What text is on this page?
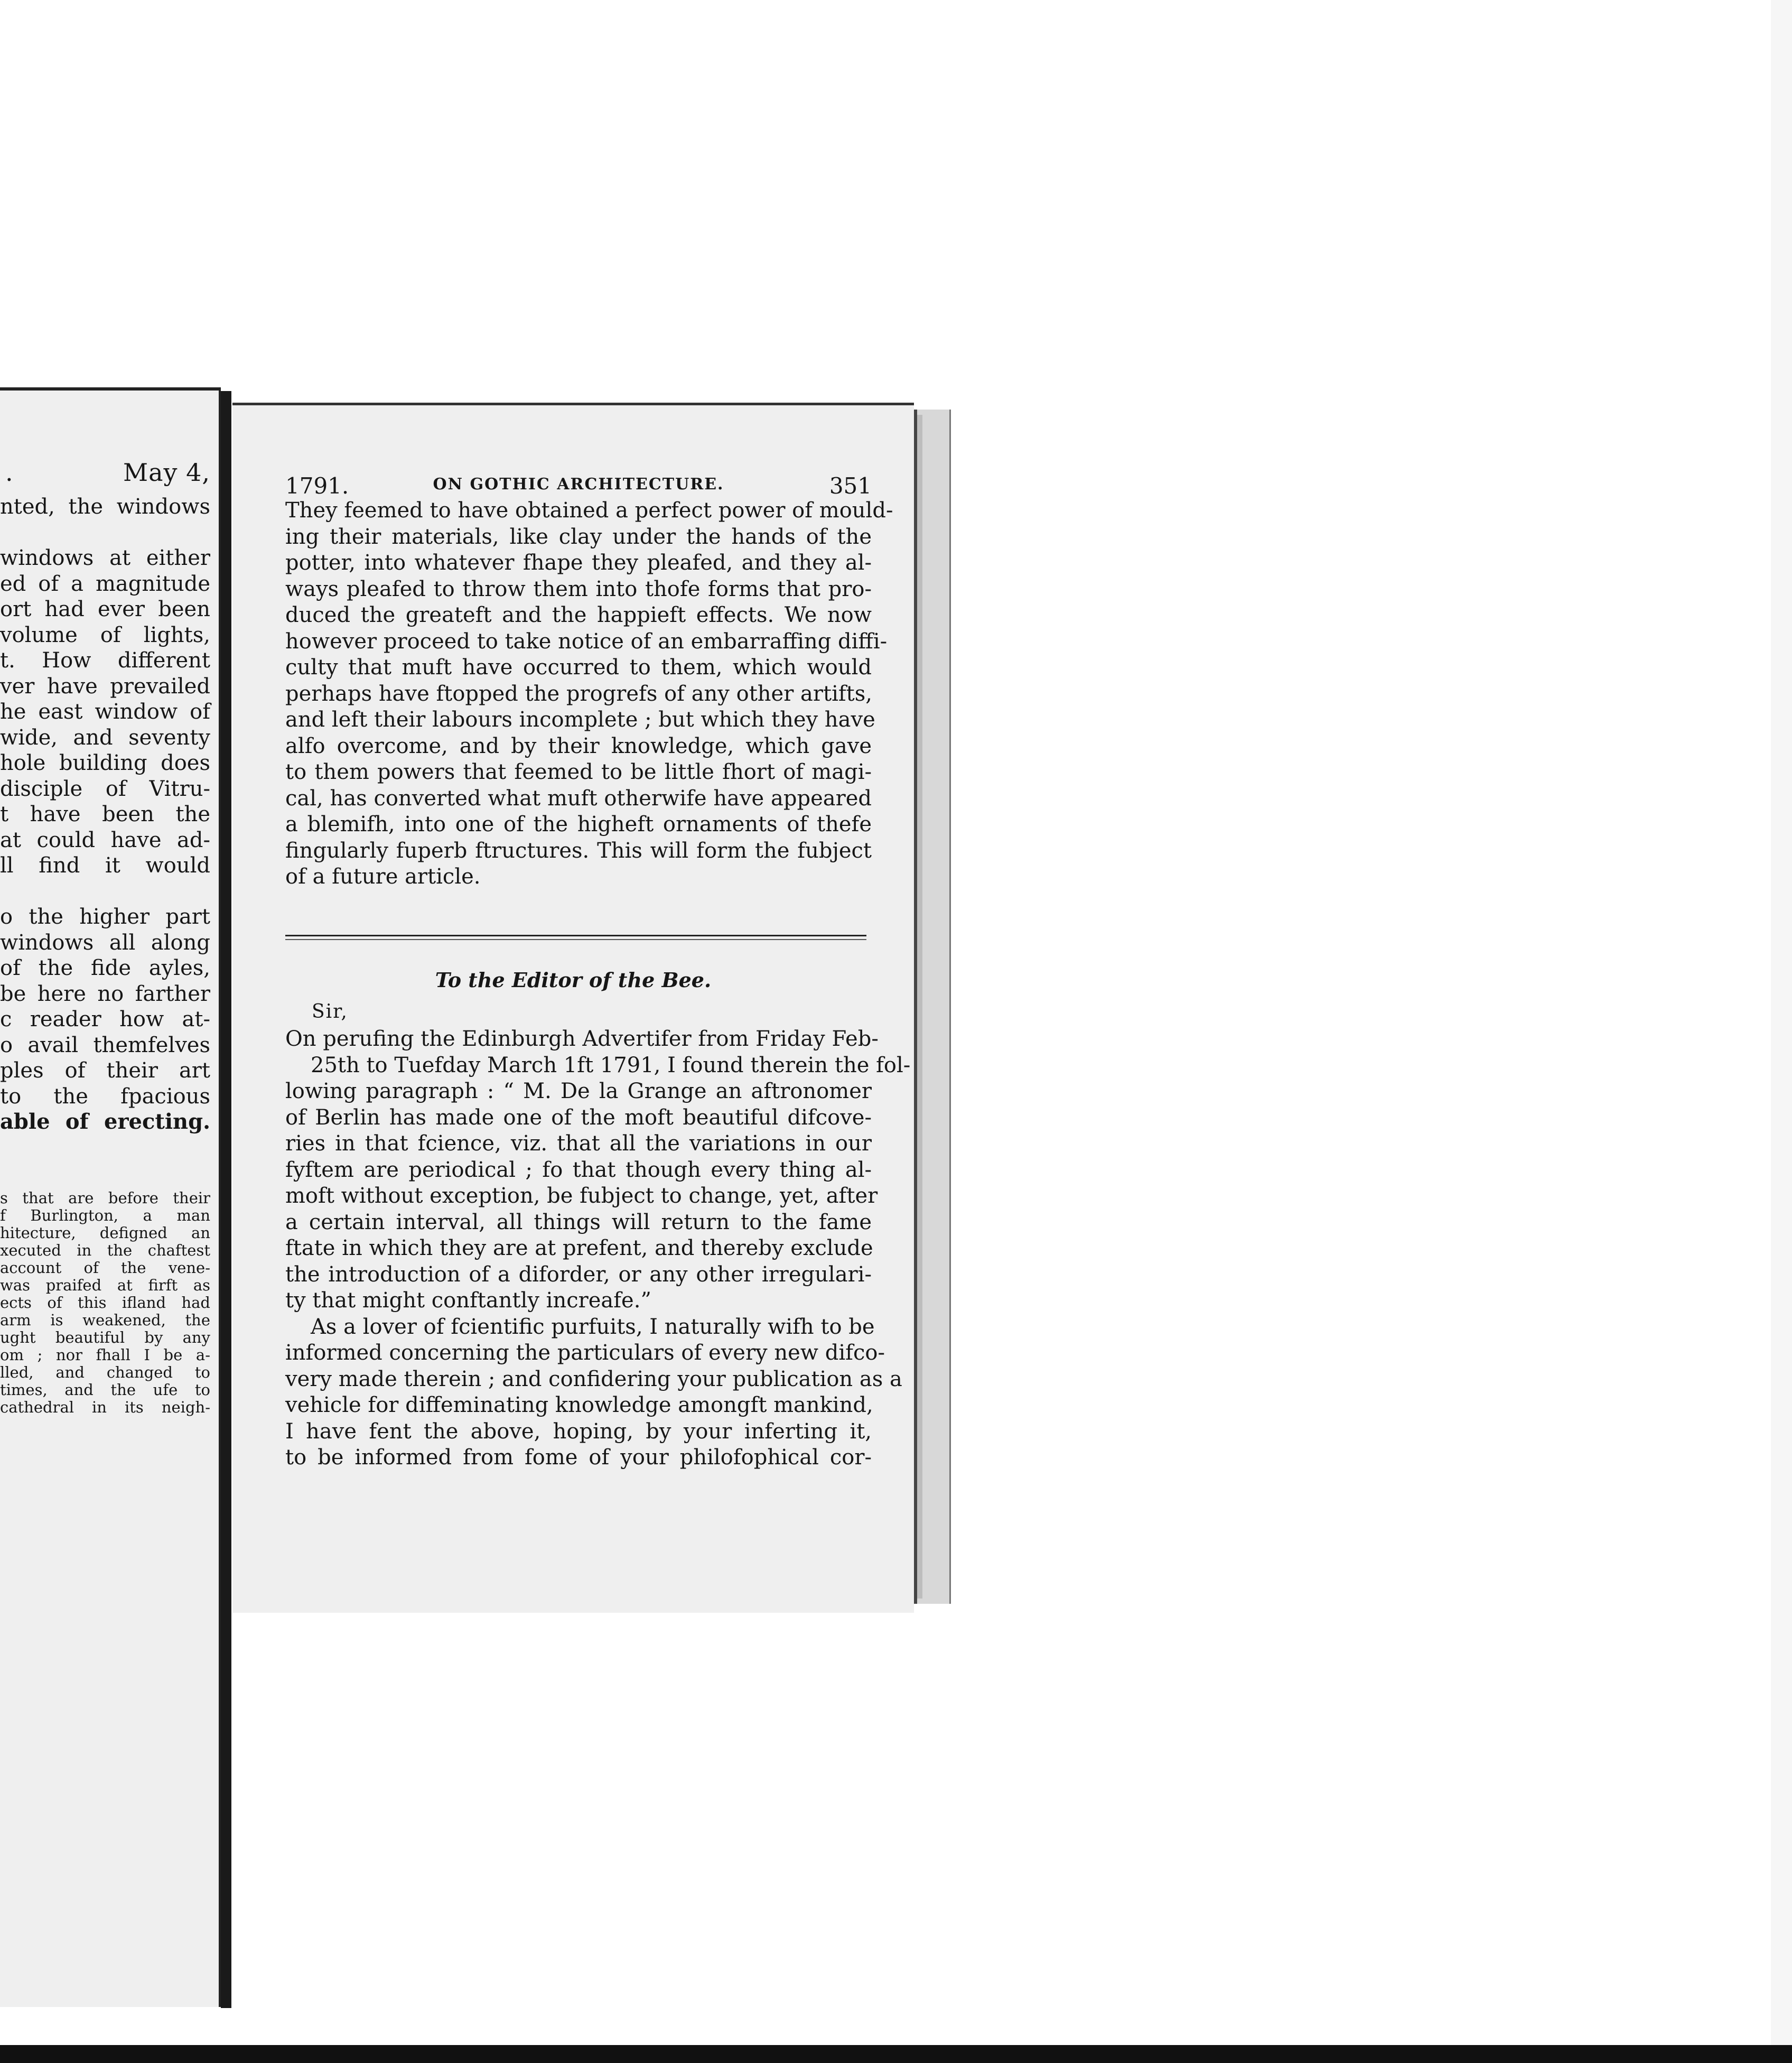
.	May 4,
nted, the windows

windows at either
ed of a magnitude
ort had ever been
volume of lights,
t. How different
ver have prevailed
he east window of
wide, and seventy
hole building does
disciple of Vitru-
t have been the
at could have ad-
ll find it would

o the higher part
windows all along
of the fide ayles,
be here no farther
c reader how at-
o avail themfelves
ples of their art
to the fpacious
able of erecting.
s that are before their
f Burlington, a man
hitecture, defigned an
xecuted in the chaftest
account of the vene-
was praifed at firft as
ects of this ifland had
arm is weakened, the
ught beautiful by any
om ; nor fhall I be a-
lled, and changed to
times, and the ufe to
cathedral in its neigh-
1791.	ON GOTHIC ARCHITECTURE.	351
They feemed to have obtained a perfect power of mould-
ing their materials, like clay under the hands of the
potter, into whatever fhape they pleafed, and they al-
ways pleafed to throw them into thofe forms that pro-
duced the greateft and the happieft effects. We now
however proceed to take notice of an embarraffing diffi-
culty that muft have occurred to them, which would
perhaps have ftopped the progrefs of any other artifts,
and left their labours incomplete ; but which they have
alfo overcome, and by their knowledge, which gave
to them powers that feemed to be little fhort of magi-
cal, has converted what muft otherwife have appeared
a blemifh, into one of the higheft ornaments of thefe
fingularly fuperb ftructures. This will form the fubject
of a future article.
To the Editor of the Bee.
Sir,
On perufing the Edinburgh Advertifer from Friday Feb-
25th to Tuefday March 1ft 1791, I found therein the fol-
lowing paragraph : “ M. De la Grange an aftronomer
of Berlin has made one of the moft beautiful difcove-
ries in that fcience, viz. that all the variations in our
fyftem are periodical ; fo that though every thing al-
moft without exception, be fubject to change, yet, after
a certain interval, all things will return to the fame
ftate in which they are at prefent, and thereby exclude
the introduction of a diforder, or any other irregulari-
ty that might conftantly increafe.”
As a lover of fcientific purfuits, I naturally wifh to be
informed concerning the particulars of every new difco-
very made therein ; and confidering your publication as a
vehicle for diffeminating knowledge amongft mankind,
I have fent the above, hoping, by your inferting it,
to be informed from fome of your philofophical cor-
